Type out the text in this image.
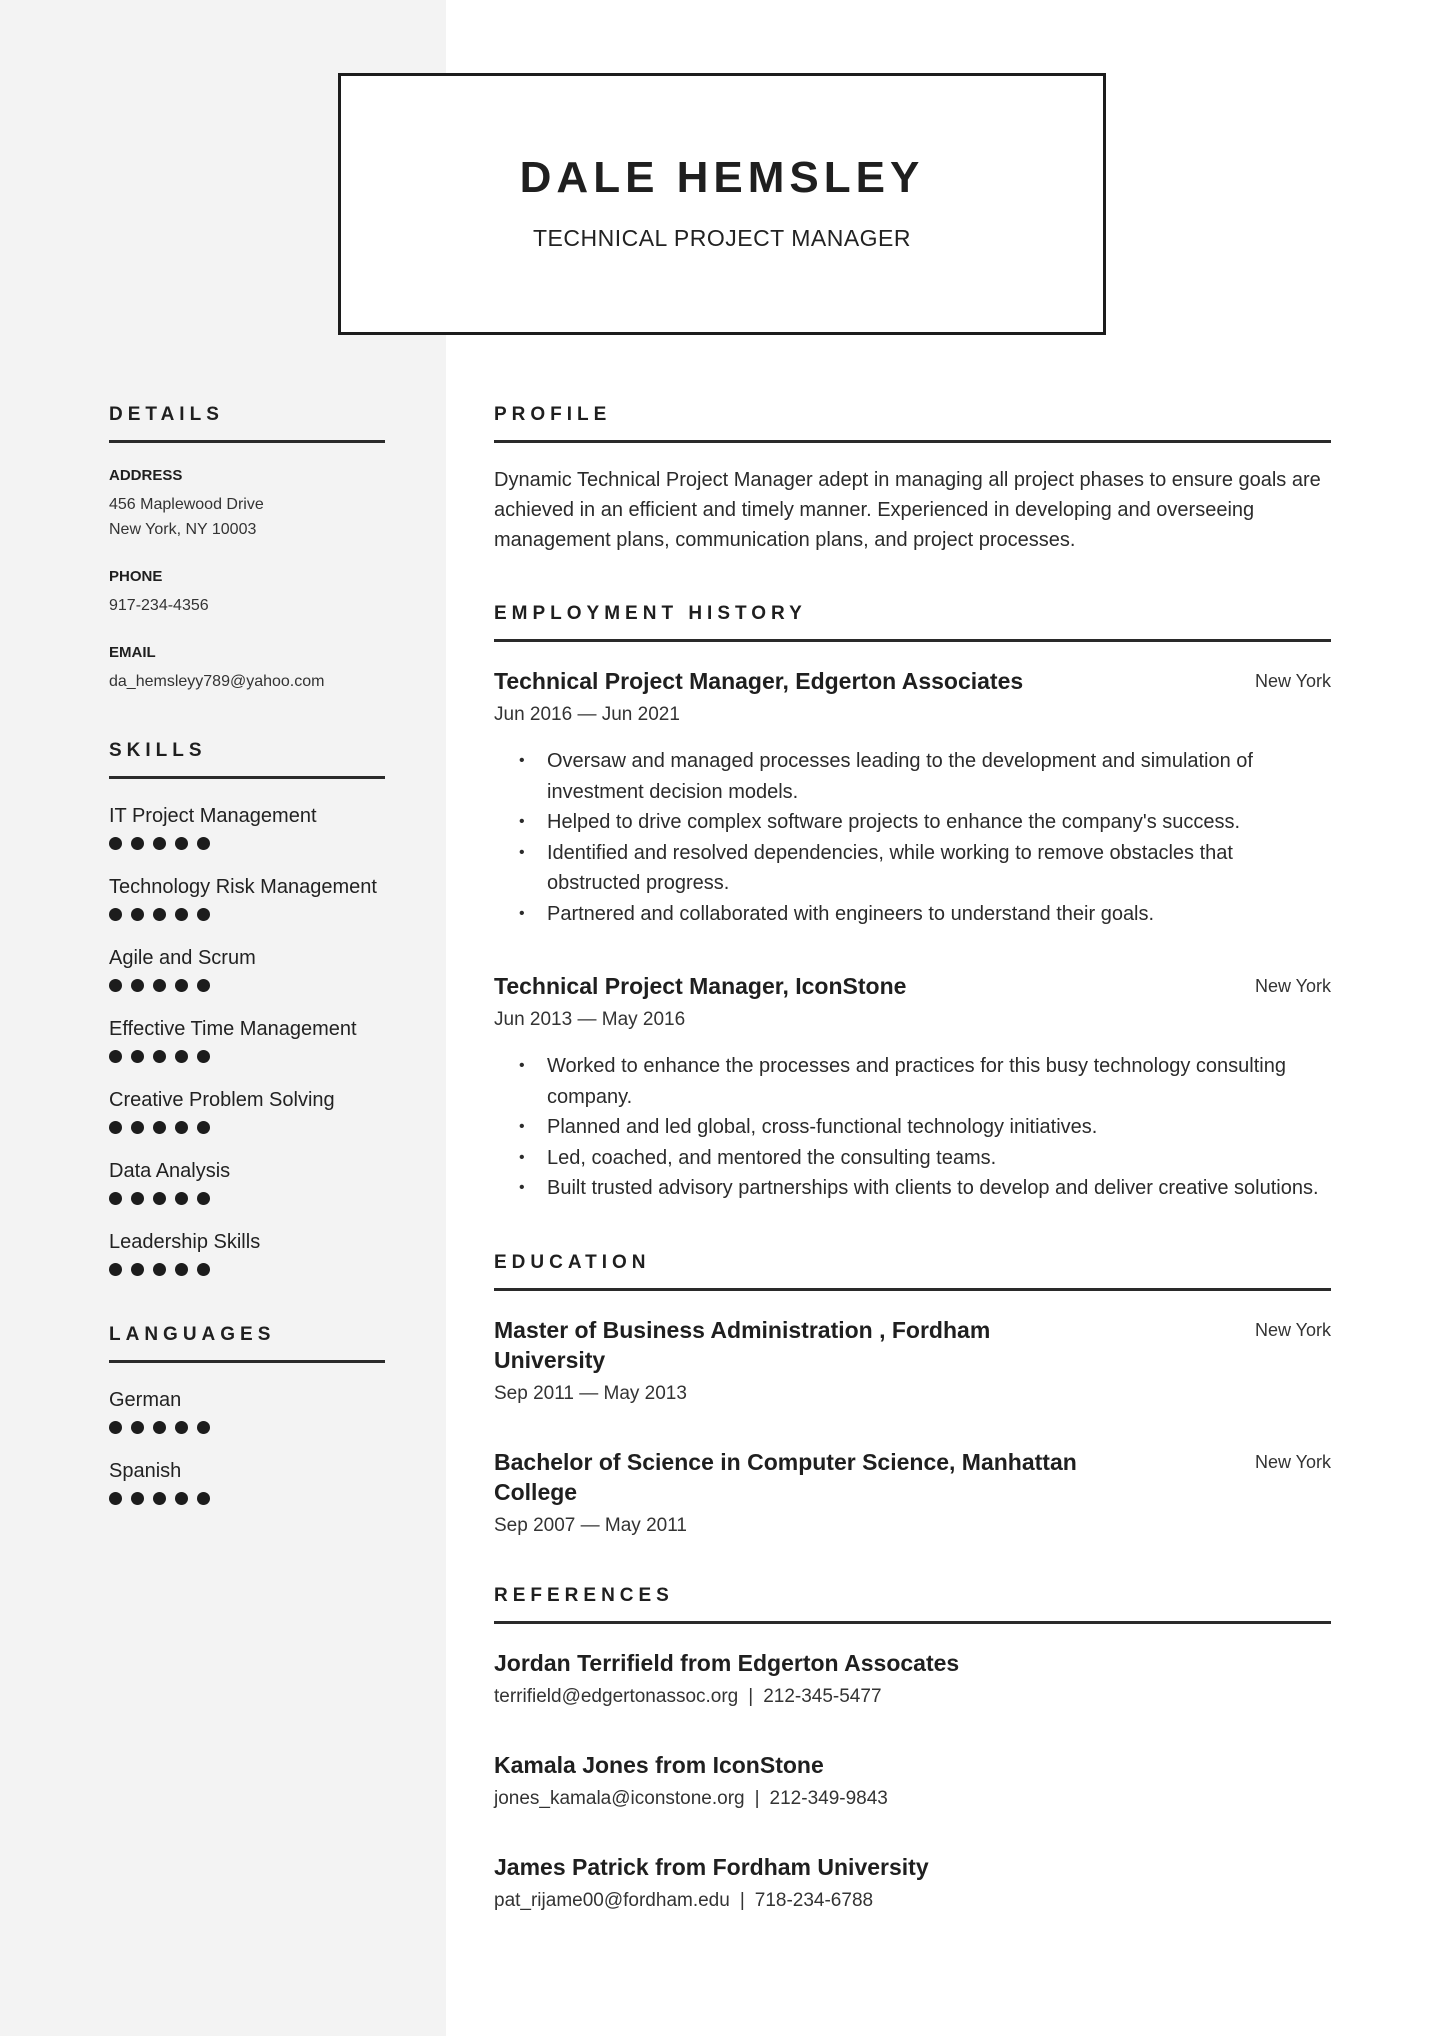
DALE HEMSLEY
TECHNICAL PROJECT MANAGER
DETAILS
ADDRESS
456 Maplewood Drive
New York, NY 10003
PHONE
917-234-4356
EMAIL
da_hemsleyy789@yahoo.com
SKILLS
IT Project Management
Technology Risk Management
Agile and Scrum
Effective Time Management
Creative Problem Solving
Data Analysis
Leadership Skills
LANGUAGES
German
Spanish
PROFILE
Dynamic Technical Project Manager adept in managing all project phases to ensure goals are achieved in an efficient and timely manner. Experienced in developing and overseeing management plans, communication plans, and project processes.
EMPLOYMENT HISTORY
Technical Project Manager, Edgerton Associates	New York
Jun 2016 — Jun 2021
• Oversaw and managed processes leading to the development and simulation of investment decision models.
• Helped to drive complex software projects to enhance the company's success.
• Identified and resolved dependencies, while working to remove obstacles that obstructed progress.
• Partnered and collaborated with engineers to understand their goals.
Technical Project Manager, IconStone	New York
Jun 2013 — May 2016
• Worked to enhance the processes and practices for this busy technology consulting company.
• Planned and led global, cross-functional technology initiatives.
• Led, coached, and mentored the consulting teams.
• Built trusted advisory partnerships with clients to develop and deliver creative solutions.
EDUCATION
Master of Business Administration , Fordham University
New York
Sep 2011 — May 2013
Bachelor of Science in Computer Science, Manhattan College
New York
Sep 2007 — May 2011
REFERENCES
Jordan Terrifield from Edgerton Assocates
terrifield@edgertonassoc.org | 212-345-5477
Kamala Jones from IconStone
jones_kamala@iconstone.org | 212-349-9843
James Patrick from Fordham University
pat_rijame00@fordham.edu | 718-234-6788
